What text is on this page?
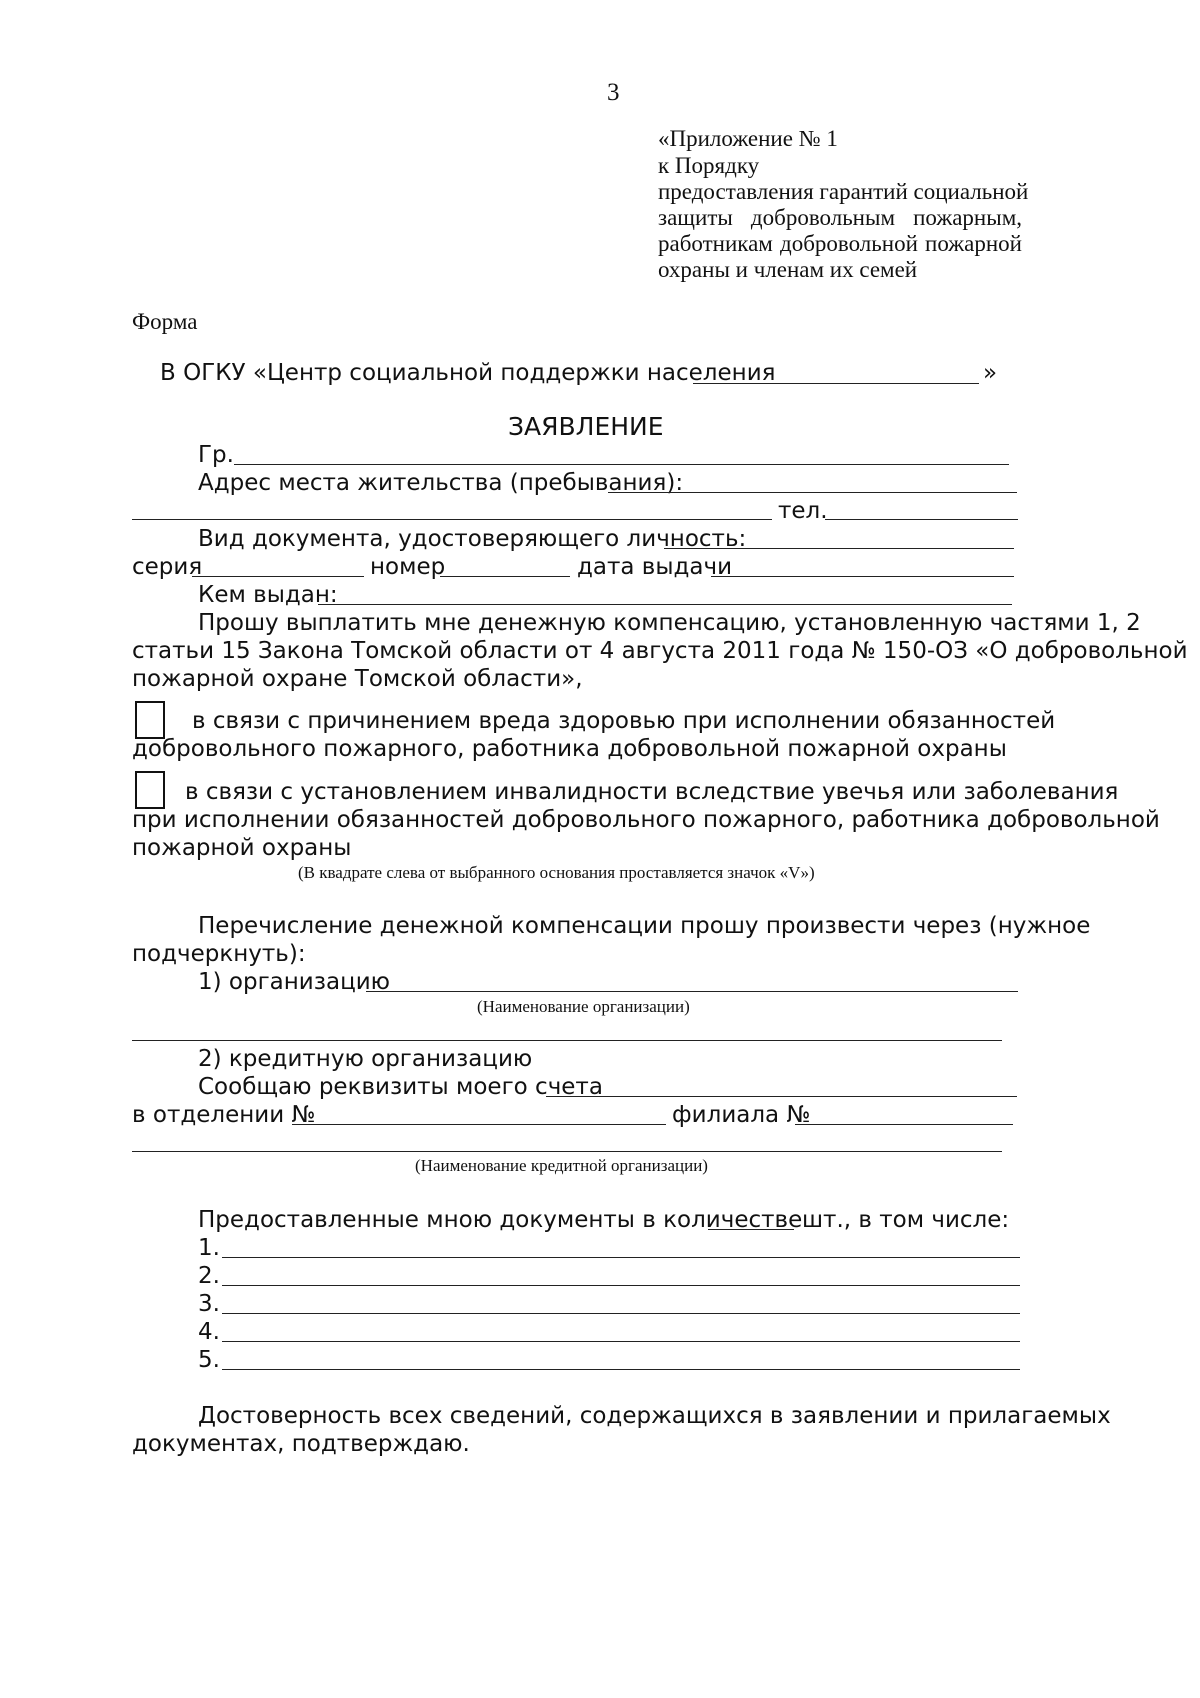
3
«Приложение № 1
к Порядку
предоставления гарантий социальной
защиты добровольным пожарным,
работникам добровольной пожарной
охраны и членам их семей
Форма
В ОГКУ «Центр социальной поддержки населения	»
ЗАЯВЛЕНИЕ
Гр.
Адрес места жительства (пребывания):
тел.
Вид документа, удостоверяющего личность:
серия	номер	дата выдачи
Кем выдан:
Прошу выплатить мне денежную компенсацию, установленную частями 1, 2
статьи 15 Закона Томской области от 4 августа 2011 года № 150-ОЗ «О добровольной
пожарной охране Томской области»,
в связи с причинением вреда здоровью при исполнении обязанностей
добровольного пожарного, работника добровольной пожарной охраны
в связи с установлением инвалидности вследствие увечья или заболевания
при исполнении обязанностей добровольного пожарного, работника добровольной
пожарной охраны
(В квадрате слева от выбранного основания проставляется значок «V»)
Перечисление денежной компенсации прошу произвести через (нужное
подчеркнуть):
1) организацию
(Наименование организации)
2) кредитную организацию
Сообщаю реквизиты моего счета
в отделении №	филиала №
(Наименование кредитной организации)
Предоставленные мною документы в количестве шт., в том числе:
1.
2.
3.
4.
5.
Достоверность всех сведений, содержащихся в заявлении и прилагаемых
документах, подтверждаю.
